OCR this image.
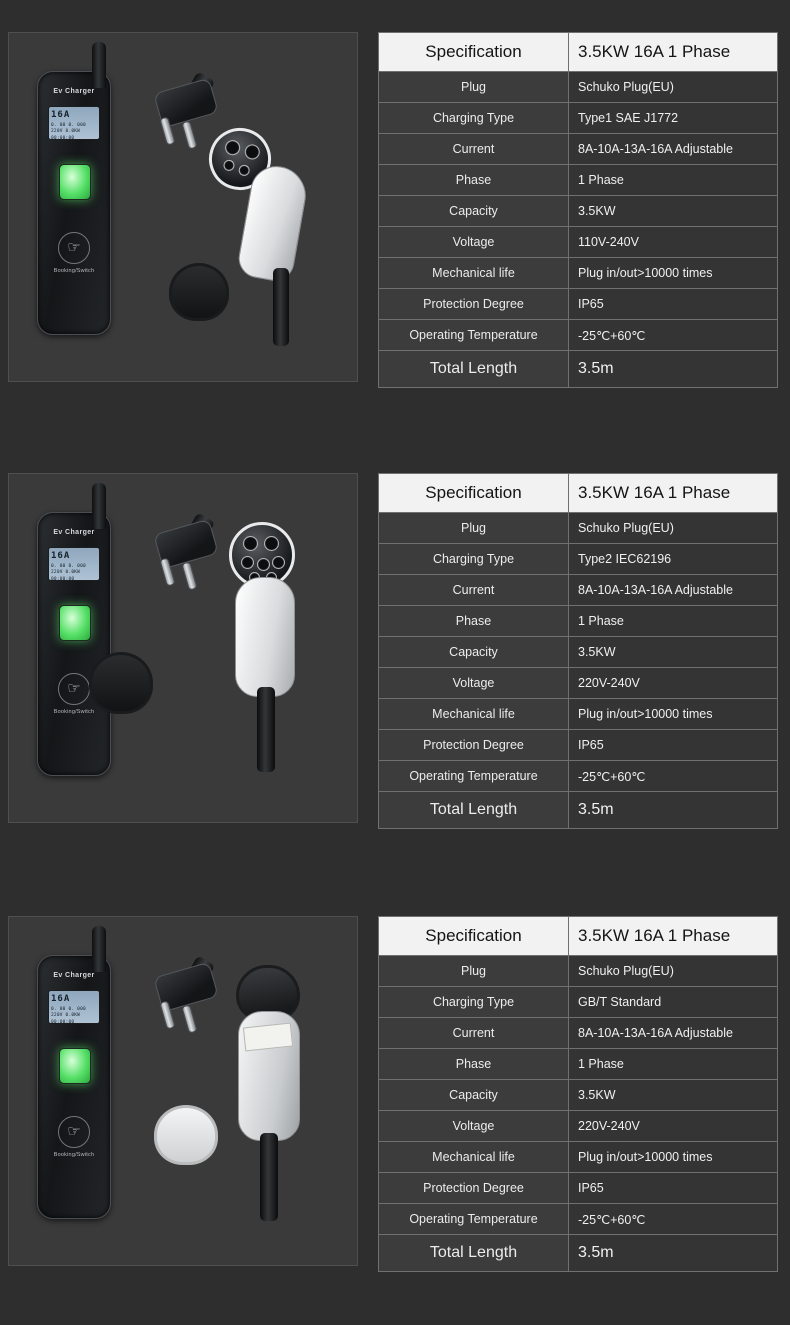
Ev Charger
16A
0. 00 0. 000
220V 0.0KW
00:00:00
☞
Booking/Switch
Specification	3.5KW 16A 1 Phase
Plug	Schuko Plug(EU)
Charging Type	Type1 SAE J1772
Current	8A-10A-13A-16A Adjustable
Phase	1 Phase
Capacity	3.5KW
Voltage	110V-240V
Mechanical life	Plug in/out>10000 times
Protection Degree	IP65
Operating Temperature	-25℃+60℃
Total Length	3.5m
Ev Charger
16A
0. 00 0. 000
220V 0.0KW
00:00:00
☞
Booking/Switch
Specification	3.5KW 16A 1 Phase
Plug	Schuko Plug(EU)
Charging Type	Type2 IEC62196
Current	8A-10A-13A-16A Adjustable
Phase	1 Phase
Capacity	3.5KW
Voltage	220V-240V
Mechanical life	Plug in/out>10000 times
Protection Degree	IP65
Operating Temperature	-25℃+60℃
Total Length	3.5m
Ev Charger
16A
0. 00 0. 000
220V 0.0KW
00:00:00
☞
Booking/Switch
Specification	3.5KW 16A 1 Phase
Plug	Schuko Plug(EU)
Charging Type	GB/T Standard
Current	8A-10A-13A-16A Adjustable
Phase	1 Phase
Capacity	3.5KW
Voltage	220V-240V
Mechanical life	Plug in/out>10000 times
Protection Degree	IP65
Operating Temperature	-25℃+60℃
Total Length	3.5m
